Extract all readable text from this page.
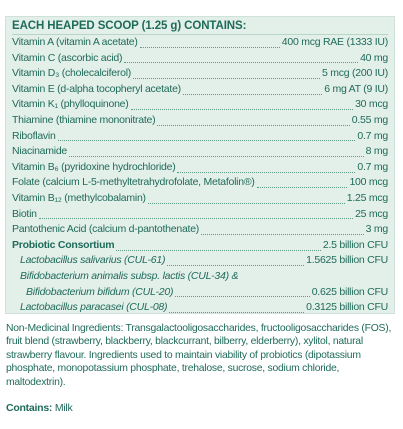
EACH HEAPED SCOOP (1.25 g) CONTAINS:
Vitamin A (vitamin A acetate)	400 mcg RAE (1333 IU)
Vitamin C (ascorbic acid)	40 mg
Vitamin D₃ (cholecalciferol)	5 mcg (200 IU)
Vitamin E (d-alpha tocopheryl acetate)	6 mg AT (9 IU)
Vitamin K₁ (phylloquinone)	30 mcg
Thiamine (thiamine mononitrate)	0.55 mg
Riboflavin	0.7 mg
Niacinamide	8 mg
Vitamin B₆ (pyridoxine hydrochloride)	0.7 mg
Folate (calcium L-5-methyltetrahydrofolate, Metafolin®)	100 mcg
Vitamin B₁₂ (methylcobalamin)	1.25 mcg
Biotin	25 mcg
Pantothenic Acid (calcium d-pantothenate)	3 mg
Probiotic Consortium	2.5 billion CFU
Lactobacillus salivarius (CUL-61)	1.5625 billion CFU
Bifidobacterium animalis subsp. lactis (CUL-34) &
Bifidobacterium bifidum (CUL-20)	0.625 billion CFU
Lactobacillus paracasei (CUL-08)	0.3125 billion CFU

Non-Medicinal Ingredients: Transgalactooligosaccharides, fructooligosaccharides (FOS), fruit blend (strawberry, blackberry, blackcurrant, bilberry, elderberry), xylitol, natural strawberry flavour. Ingredients used to maintain viability of probiotics (dipotassium phosphate, monopotassium phosphate, trehalose, sucrose, sodium chloride, maltodextrin).

Contains: Milk
